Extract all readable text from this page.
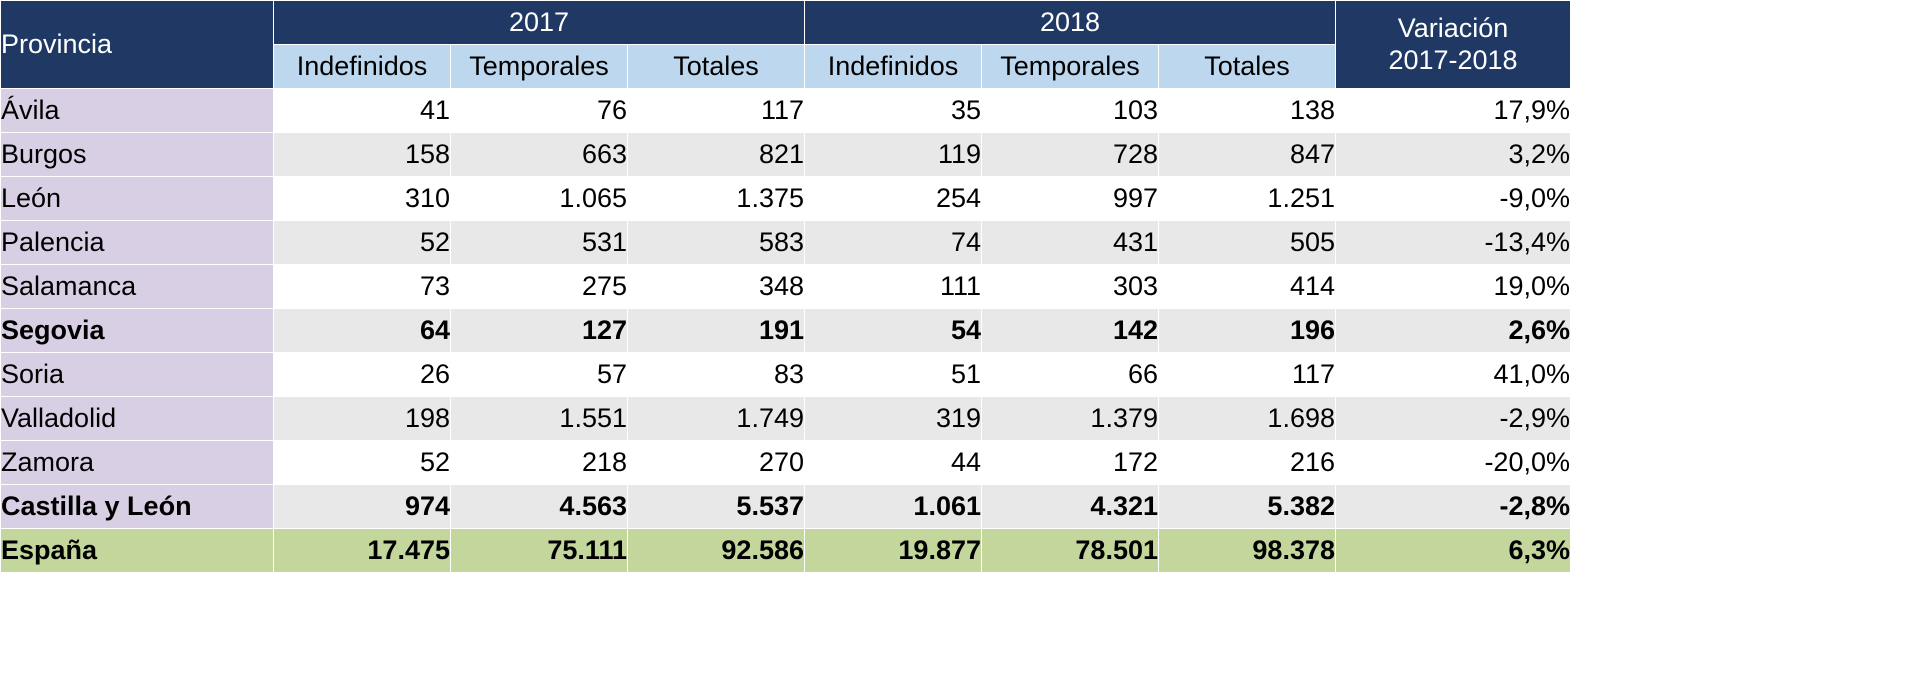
Provincia	2017			2018			Variación
2017-2018
	Indefinidos	Temporales	Totales	Indefinidos	Temporales	Totales	
Ávila	41	76	117	35	103	138	17,9%
Burgos	158	663	821	119	728	847	3,2%
León	310	1.065	1.375	254	997	1.251	-9,0%
Palencia	52	531	583	74	431	505	-13,4%
Salamanca	73	275	348	111	303	414	19,0%
Segovia	64	127	191	54	142	196	2,6%
Soria	26	57	83	51	66	117	41,0%
Valladolid	198	1.551	1.749	319	1.379	1.698	-2,9%
Zamora	52	218	270	44	172	216	-20,0%
Castilla y León	974	4.563	5.537	1.061	4.321	5.382	-2,8%
España	17.475	75.111	92.586	19.877	78.501	98.378	6,3%
